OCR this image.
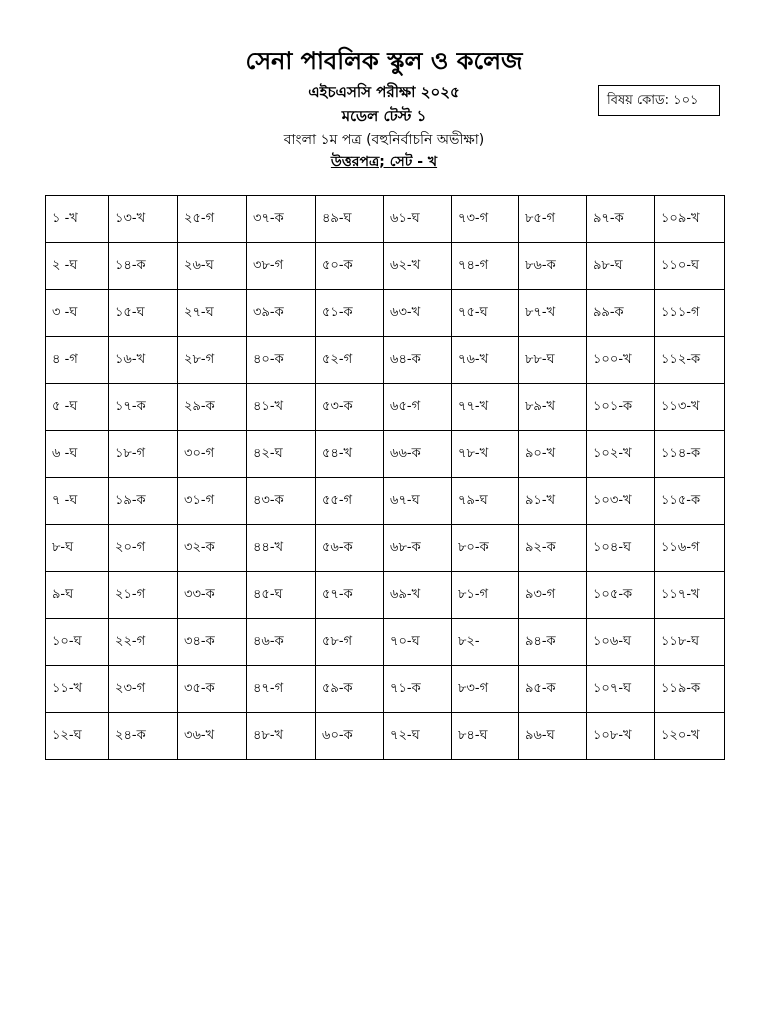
সেনা পাবলিক স্কুল ও কলেজ
এইচএসসি পরীক্ষা ২০২৫
মডেল টেস্ট ১
বাংলা ১ম পত্র (বহুনির্বাচনি অভীক্ষা)
উত্তরপত্র; সেট - খ
বিষয় কোড: ১০১
১ -খ	১৩-খ	২৫-গ	৩৭-ক	৪৯-ঘ	৬১-ঘ	৭৩-গ	৮৫-গ	৯৭-ক	১০৯-খ
২ -ঘ	১৪-ক	২৬-ঘ	৩৮-গ	৫০-ক	৬২-খ	৭৪-গ	৮৬-ক	৯৮-ঘ	১১০-ঘ
৩ -ঘ	১৫-ঘ	২৭-ঘ	৩৯-ক	৫১-ক	৬৩-খ	৭৫-ঘ	৮৭-খ	৯৯-ক	১১১-গ
৪ -গ	১৬-খ	২৮-গ	৪০-ক	৫২-গ	৬৪-ক	৭৬-খ	৮৮-ঘ	১০০-খ	১১২-ক
৫ -ঘ	১৭-ক	২৯-ক	৪১-খ	৫৩-ক	৬৫-গ	৭৭-খ	৮৯-খ	১০১-ক	১১৩-খ
৬ -ঘ	১৮-গ	৩০-গ	৪২-ঘ	৫৪-খ	৬৬-ক	৭৮-খ	৯০-খ	১০২-খ	১১৪-ক
৭ -ঘ	১৯-ক	৩১-গ	৪৩-ক	৫৫-গ	৬৭-ঘ	৭৯-ঘ	৯১-খ	১০৩-খ	১১৫-ক
৮-ঘ	২০-গ	৩২-ক	৪৪-খ	৫৬-ক	৬৮-ক	৮০-ক	৯২-ক	১০৪-ঘ	১১৬-গ
৯-ঘ	২১-গ	৩৩-ক	৪৫-ঘ	৫৭-ক	৬৯-খ	৮১-গ	৯৩-গ	১০৫-ক	১১৭-খ
১০-ঘ	২২-গ	৩৪-ক	৪৬-ক	৫৮-গ	৭০-ঘ	৮২-	৯৪-ক	১০৬-ঘ	১১৮-ঘ
১১-খ	২৩-গ	৩৫-ক	৪৭-গ	৫৯-ক	৭১-ক	৮৩-গ	৯৫-ক	১০৭-ঘ	১১৯-ক
১২-ঘ	২৪-ক	৩৬-খ	৪৮-খ	৬০-ক	৭২-ঘ	৮৪-ঘ	৯৬-ঘ	১০৮-খ	১২০-খ
